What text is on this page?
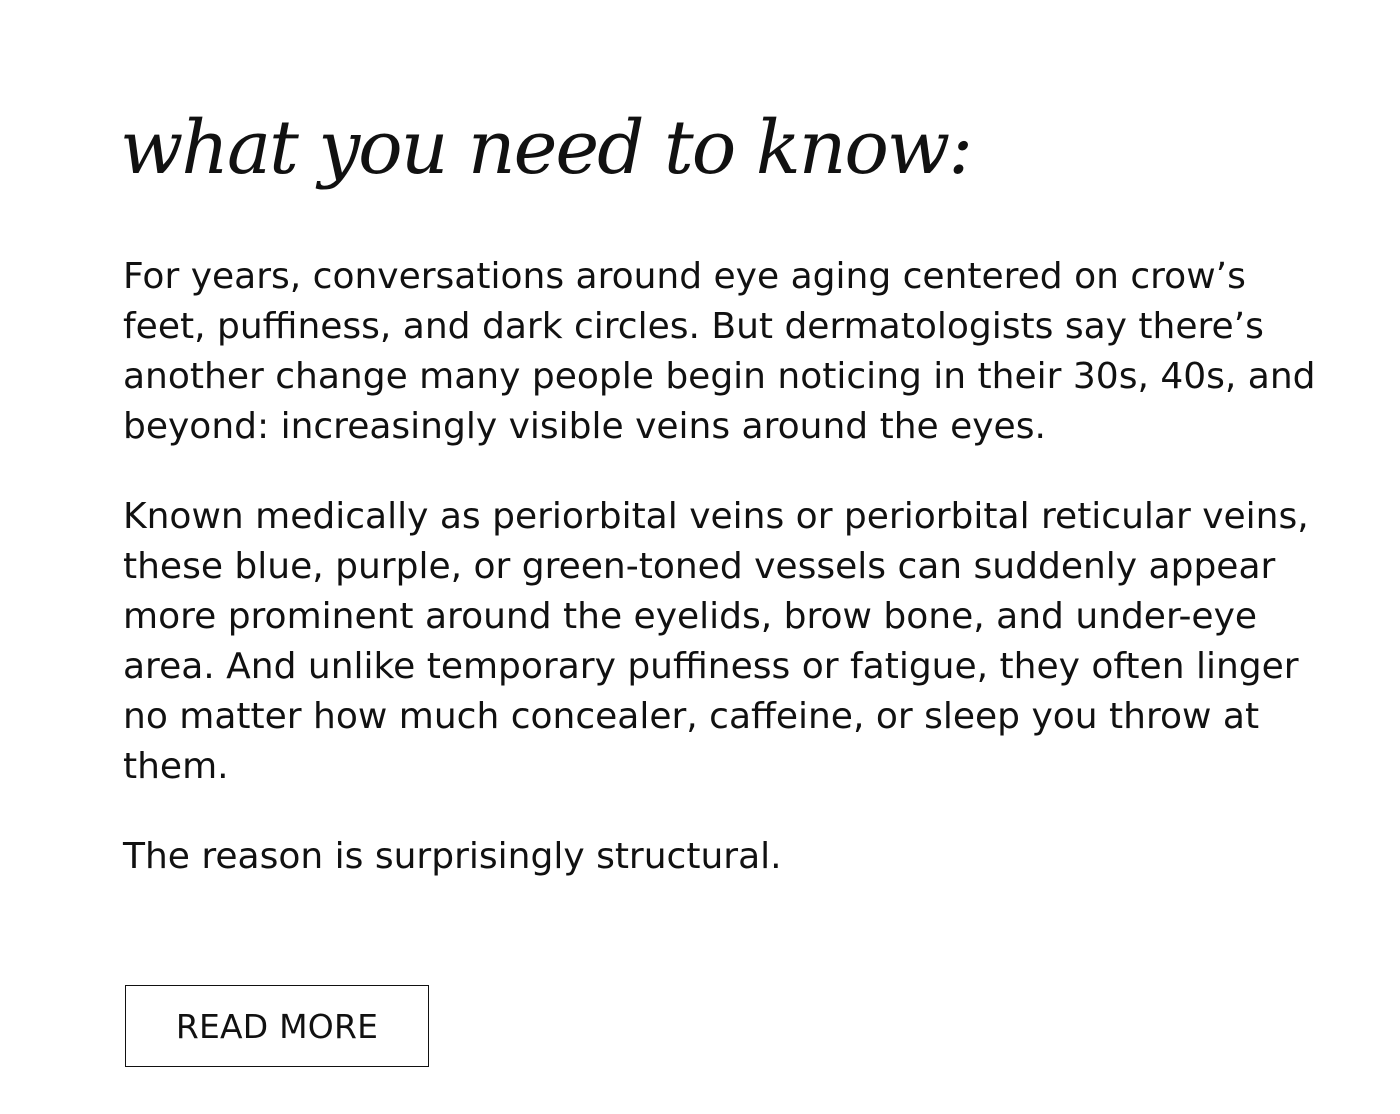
what you need to know:

For years, conversations around eye aging centered on crow’s feet, puffiness, and dark circles. But dermatologists say there’s another change many people begin noticing in their 30s, 40s, and beyond: increasingly visible veins around the eyes.

Known medically as periorbital veins or periorbital reticular veins, these blue, purple, or green-toned vessels can suddenly appear more prominent around the eyelids, brow bone, and under-eye area. And unlike temporary puffiness or fatigue, they often linger no matter how much concealer, caffeine, or sleep you throw at them.

The reason is surprisingly structural.

READ MORE
